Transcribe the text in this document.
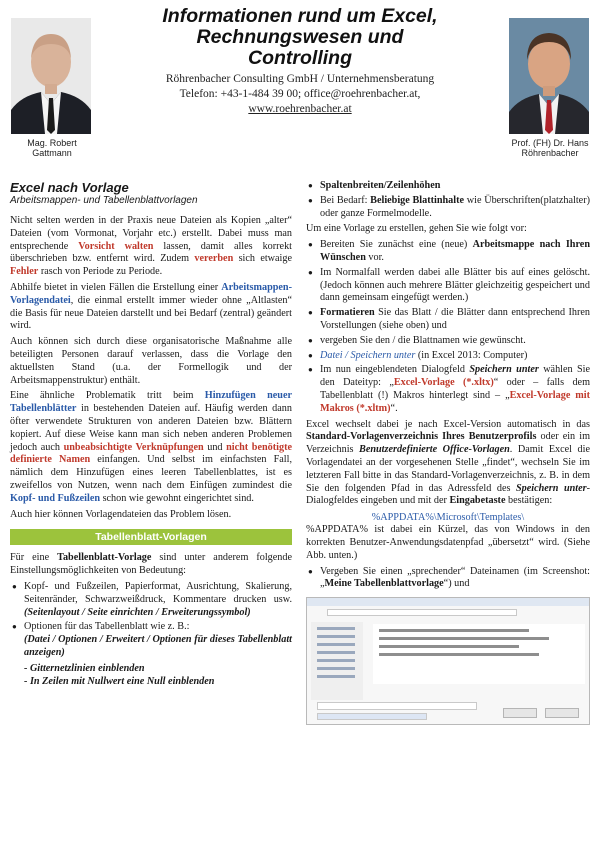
Mag. Robert
Gattmann
Informationen rund um Excel,
Rechnungswesen und
Controlling
Röhrenbacher Consulting GmbH / Unternehmensberatung
Telefon: +43-1-484 39 00; office@roehrenbacher.at,
www.roehrenbacher.at
Prof. (FH) Dr. Hans
Röhrenbacher
Excel nach Vorlage
Arbeitsmappen- und Tabellenblattvorlagen

Nicht selten werden in der Praxis neue Dateien als Kopien „alter“ Dateien (vom Vormonat, Vorjahr etc.) erstellt. Dabei muss man entsprechende Vorsicht walten lassen, damit alles korrekt überschrieben bzw. entfernt wird. Zudem vererben sich etwaige Fehler rasch von Periode zu Periode.

Abhilfe bietet in vielen Fällen die Erstellung einer Arbeitsmappen-Vorlagendatei, die einmal erstellt immer wieder ohne „Altlasten“ die Basis für neue Dateien darstellt und bei Bedarf (zentral) geändert wird.

Auch können sich durch diese organisatorische Maßnahme alle beteiligten Personen darauf verlassen, dass die Vorlage den aktuellsten Stand (u.a. der Formellogik und der Arbeitsmappenstruktur) enthält.

Eine ähnliche Problematik tritt beim Hinzufügen neuer Tabellenblätter in bestehenden Dateien auf. Häufig werden dann öfter verwendete Strukturen von anderen Dateien bzw. Blättern kopiert. Auf diese Weise kann man sich neben anderen Problemen jedoch auch unbeabsichtigte Verknüpfungen und nicht benötigte definierte Namen einfangen. Und selbst im einfachsten Fall, nämlich dem Hinzufügen eines leeren Tabellenblattes, ist es zweifellos von Nutzen, wenn nach dem Einfügen zumindest die Kopf- und Fußzeilen schon wie gewohnt eingerichtet sind.

Auch hier können Vorlagendateien das Problem lösen.

Tabellenblatt-Vorlagen

Für eine Tabellenblatt-Vorlage sind unter anderem folgende Einstellungsmöglichkeiten von Bedeutung:

● Kopf- und Fußzeilen, Papierformat, Ausrichtung, Skalierung, Seitenränder, Schwarzweißdruck, Kommentare drucken usw. (Seitenlayout / Seite einrichten / Erweiterungssymbol)
● Optionen für das Tabellenblatt wie z. B.:
(Datei / Optionen / Erweitert / Optionen für dieses Tabellenblatt anzeigen)
- Gitternetzlinien einblenden
- In Zeilen mit Nullwert eine Null einblenden
● Spaltenbreiten/Zeilenhöhen
● Bei Bedarf: Beliebige Blattinhalte wie Überschriften(platzhalter) oder ganze Formelmodelle.

Um eine Vorlage zu erstellen, gehen Sie wie folgt vor:

● Bereiten Sie zunächst eine (neue) Arbeitsmappe nach Ihren Wünschen vor.
● Im Normalfall werden dabei alle Blätter bis auf eines gelöscht. (Jedoch können auch mehrere Blätter gleichzeitig gespeichert und dann gemeinsam eingefügt werden.)
● Formatieren Sie das Blatt / die Blätter dann entsprechend Ihren Vorstellungen (siehe oben) und
● vergeben Sie den / die Blattnamen wie gewünscht.
● Datei / Speichern unter (in Excel 2013: Computer)
● Im nun eingeblendeten Dialogfeld Speichern unter wählen Sie den Dateityp: „Excel-Vorlage (*.xltx)“ oder – falls dem Tabellenblatt (!) Makros hinterlegt sind – „Excel-Vorlage mit Makros (*.xltm)“.

Excel wechselt dabei je nach Excel-Version automatisch in das Standard-Vorlagenverzeichnis Ihres Benutzerprofils oder ein im Verzeichnis Benutzerdefinierte Office-Vorlagen. Damit Excel die Vorlagendatei an der vorgesehenen Stelle „findet“, wechseln Sie im letzteren Fall bitte in das Standard-Vorlagenverzeichnis, z. B. in dem Sie den folgenden Pfad in das Adressfeld des Speichern unter-Dialogfeldes eingeben und mit der Eingabetaste bestätigen:

%APPDATA%\Microsoft\Templates\

%APPDATA% ist dabei ein Kürzel, das von Windows in den korrekten Benutzer-Anwendungsdatenpfad „übersetzt“ wird. (Siehe Abb. unten.)

● Vergeben Sie einen „sprechender“ Dateinamen (im Screenshot: „Meine Tabellenblattvorlage“) und
